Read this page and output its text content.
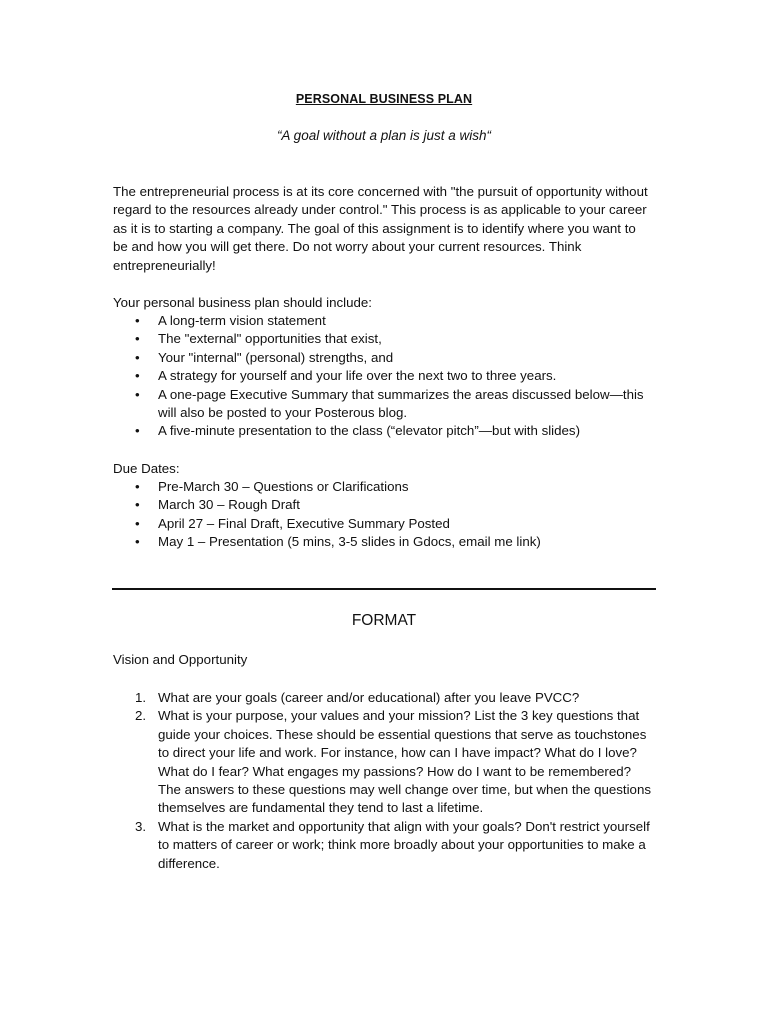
PERSONAL BUSINESS PLAN
“A goal without a plan is just a wish“

The entrepreneurial process is at its core concerned with "the pursuit of opportunity without regard to the resources already under control." This process is as applicable to your career as it is to starting a company. The goal of this assignment is to identify where you want to be and how you will get there. Do not worry about your current resources. Think entrepreneurially!

Your personal business plan should include:

• A long-term vision statement
• The "external" opportunities that exist,
• Your "internal" (personal) strengths, and
• A strategy for yourself and your life over the next two to three years.
• A one-page Executive Summary that summarizes the areas discussed below—this will also be posted to your Posterous blog.
• A five-minute presentation to the class (“elevator pitch”—but with slides)

Due Dates:

• Pre-March 30 – Questions or Clarifications
• March 30 – Rough Draft
• April 27 – Final Draft, Executive Summary Posted
• May 1 – Presentation (5 mins, 3-5 slides in Gdocs, email me link)
FORMAT
Vision and Opportunity
1. What are your goals (career and/or educational) after you leave PVCC?
2. What is your purpose, your values and your mission? List the 3 key questions that guide your choices. These should be essential questions that serve as touchstones to direct your life and work. For instance, how can I have impact? What do I love? What do I fear? What engages my passions? How do I want to be remembered? The answers to these questions may well change over time, but when the questions themselves are fundamental they tend to last a lifetime.
3. What is the market and opportunity that align with your goals? Don't restrict yourself to matters of career or work; think more broadly about your opportunities to make a difference.
